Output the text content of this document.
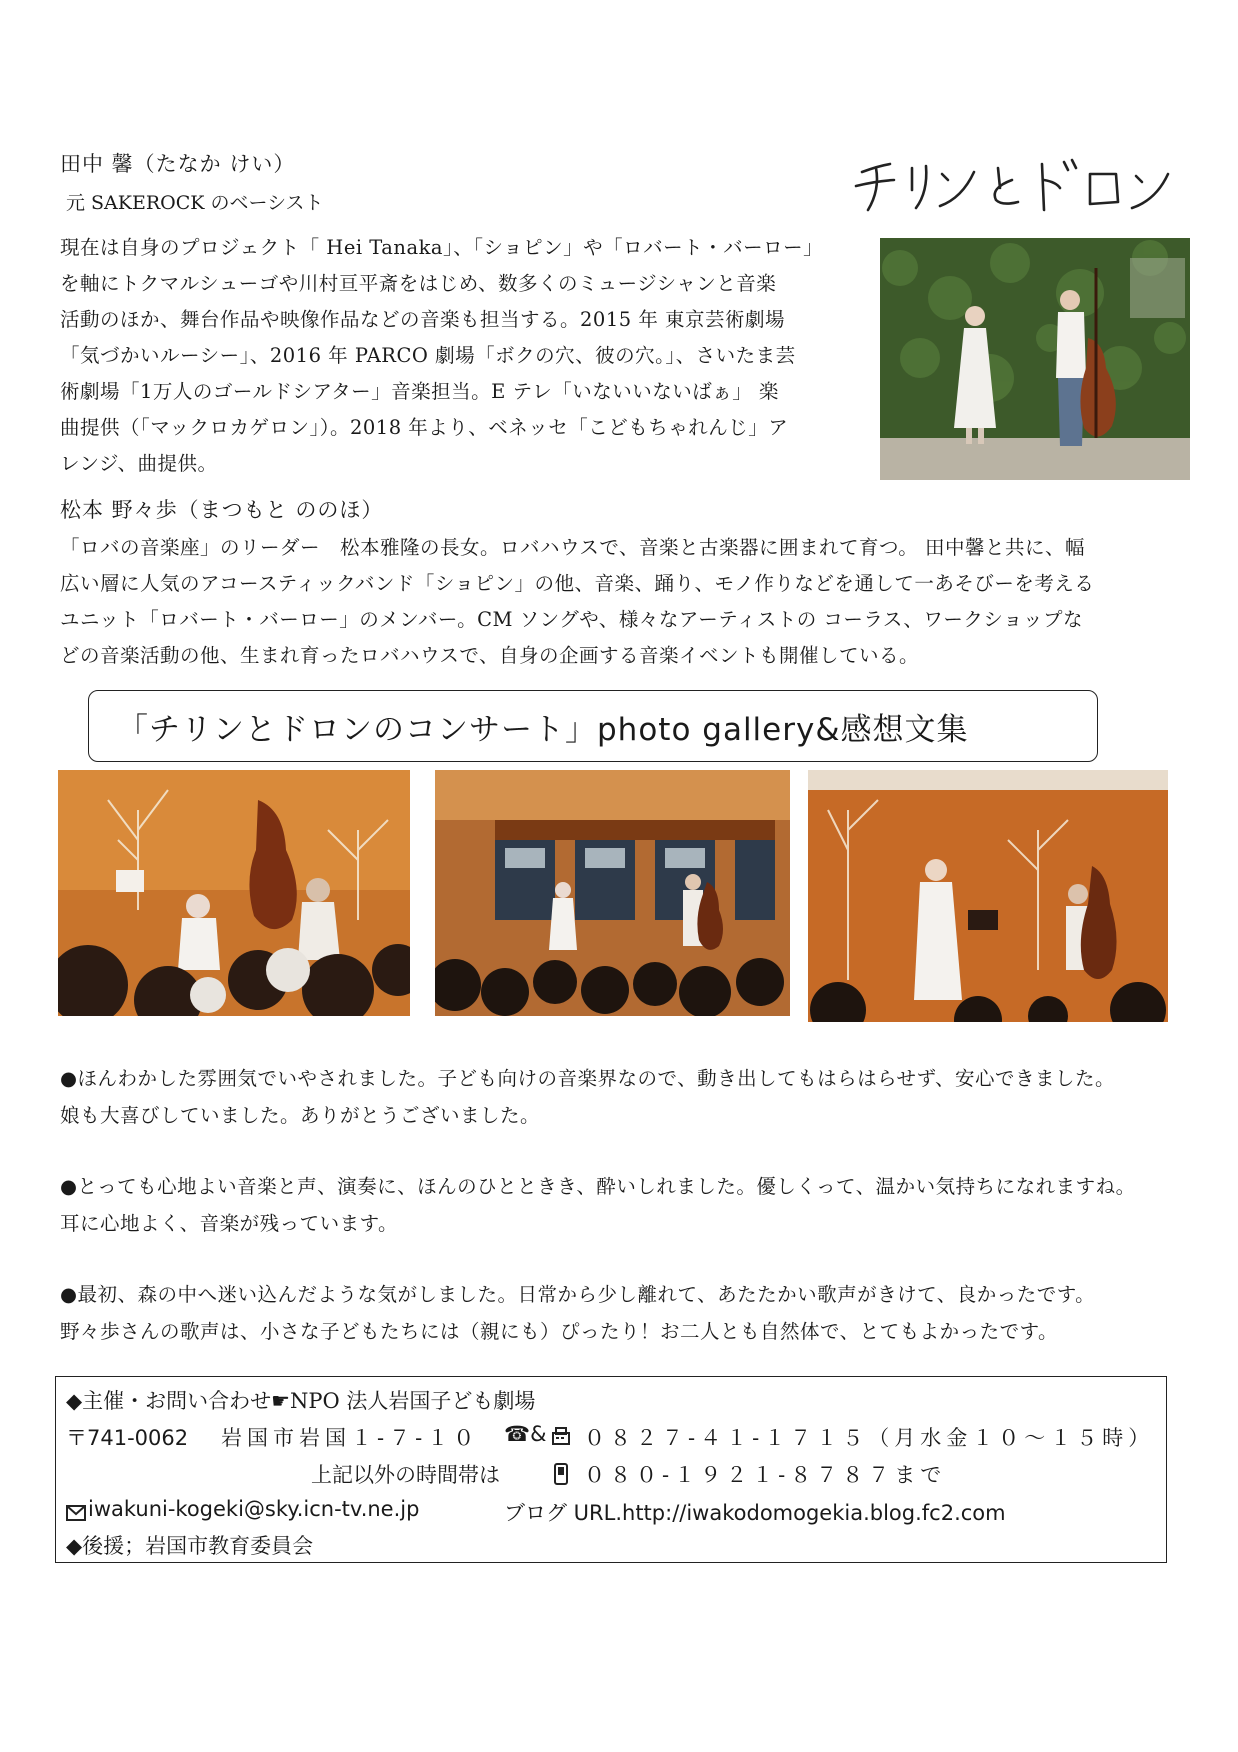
田中 馨（たなか けい）
元 SAKEROCK のベーシスト

現在は自身のプロジェクト「 Hei Tanaka」、「ショピン」や「ロバート・バーロー」

を軸にトクマルシューゴや川村亘平斎をはじめ、数多くのミュージシャンと音楽

活動のほか、舞台作品や映像作品などの音楽も担当する。2015 年 東京芸術劇場

「気づかいルーシー」、2016 年 PARCO 劇場「ボクの穴、彼の穴。」、さいたま芸

術劇場「1万人のゴールドシアター」音楽担当。E テレ「いないいないばぁ」 楽

曲提供（「マックロカゲロン」）。2018 年より、ベネッセ「こどもちゃれんじ」ア

レンジ、曲提供。

松本 野々歩（まつもと ののほ）

「ロバの音楽座」のリーダー　松本雅隆の長女。ロバハウスで、音楽と古楽器に囲まれて育つ。 田中馨と共に、幅

広い層に人気のアコースティックバンド「ショピン」の他、音楽、踊り、モノ作りなどを通して一あそびーを考える

ユニット「ロバート・バーロー」のメンバー。CM ソングや、様々なアーティストの コーラス、ワークショップな

どの音楽活動の他、生まれ育ったロバハウスで、自身の企画する音楽イベントも開催している。

「チリンとドロンのコンサート」photo gallery&感想文集

●ほんわかした雰囲気でいやされました。子ども向けの音楽界なので、動き出してもはらはらせず、安心できました。

娘も大喜びしていました。ありがとうございました。

●とっても心地よい音楽と声、演奏に、ほんのひとときき、酔いしれました。優しくって、温かい気持ちになれますね。

耳に心地よく、音楽が残っています。

●最初、森の中へ迷い込んだような気がしました。日常から少し離れて、あたたかい歌声がきけて、良かったです。

野々歩さんの歌声は、小さな子どもたちには（親にも）ぴったり！お二人とも自然体で、とてもよかったです。

◆主催・お問い合わせ☛NPO 法人岩国子ども劇場
〒741-0062 岩国市岩国１-７-１０ ☎& ０８２７-４１-１７１５（月水金１０～１５時）
上記以外の時間帯は	０８０-１９２１-８７８７まで
iwakuni-kogeki@sky.icn-tv.ne.jp	ブログ URL.http://iwakodomogekia.blog.fc2.com
◆後援；岩国市教育委員会
